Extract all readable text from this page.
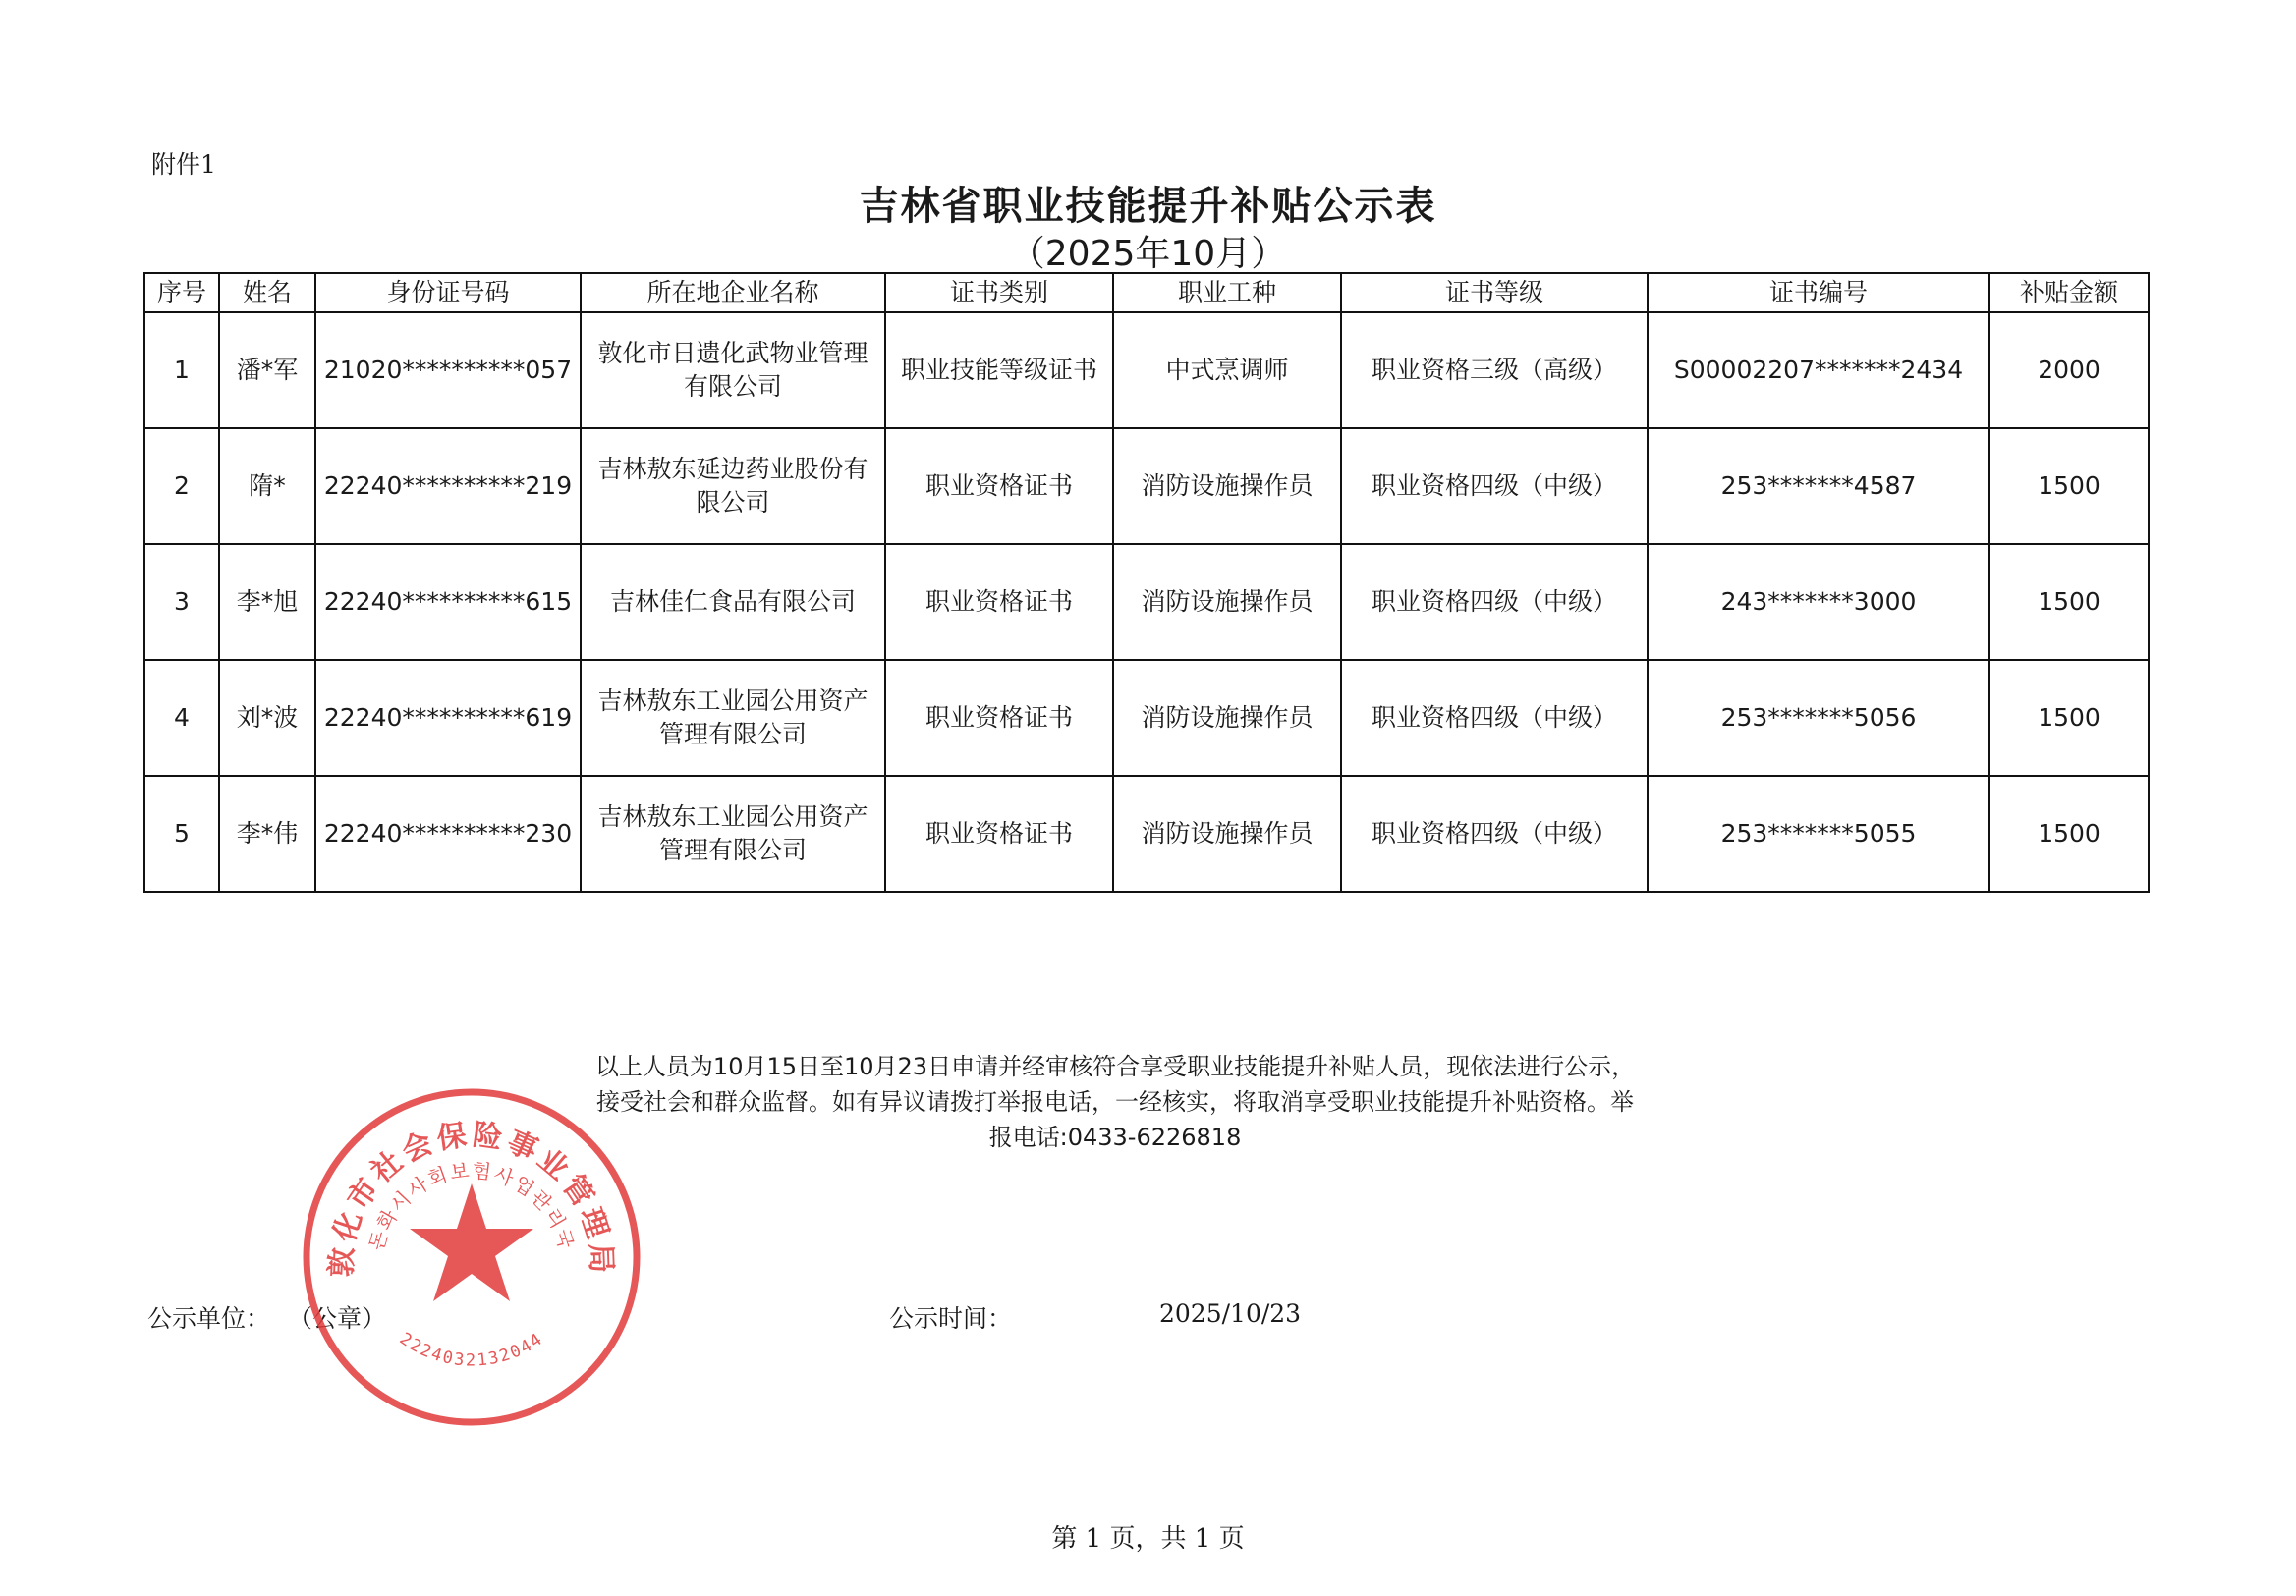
附件1
吉林省职业技能提升补贴公示表
（2025年10月）
序号	姓名	身份证号码	所在地企业名称	证书类别	职业工种	证书等级	证书编号	补贴金额
1	潘*军	21020**********057	敦化市日遗化武物业管理有限公司	职业技能等级证书	中式烹调师	职业资格三级（高级）	S00002207*******2434	2000
2	隋*	22240**********219	吉林敖东延边药业股份有限公司	职业资格证书	消防设施操作员	职业资格四级（中级）	253*******4587	1500
3	李*旭	22240**********615	吉林佳仁食品有限公司	职业资格证书	消防设施操作员	职业资格四级（中级）	243*******3000	1500
4	刘*波	22240**********619	吉林敖东工业园公用资产管理有限公司	职业资格证书	消防设施操作员	职业资格四级（中级）	253*******5056	1500
5	李*伟	22240**********230	吉林敖东工业园公用资产管理有限公司	职业资格证书	消防设施操作员	职业资格四级（中级）	253*******5055	1500
以上人员为10月15日至10月23日申请并经审核符合享受职业技能提升补贴人员，现依法进行公示，接受社会和群众监督。如有异议请拨打举报电话，一经核实，将取消享受职业技能提升补贴资格。举报电话:0433-6226818
公示单位： （公章）	公示时间：	2025/10/23
敦化市社会保险事业管理局
돈화시사회보험사업관리국
2224032132044
第 1 页，共 1 页
